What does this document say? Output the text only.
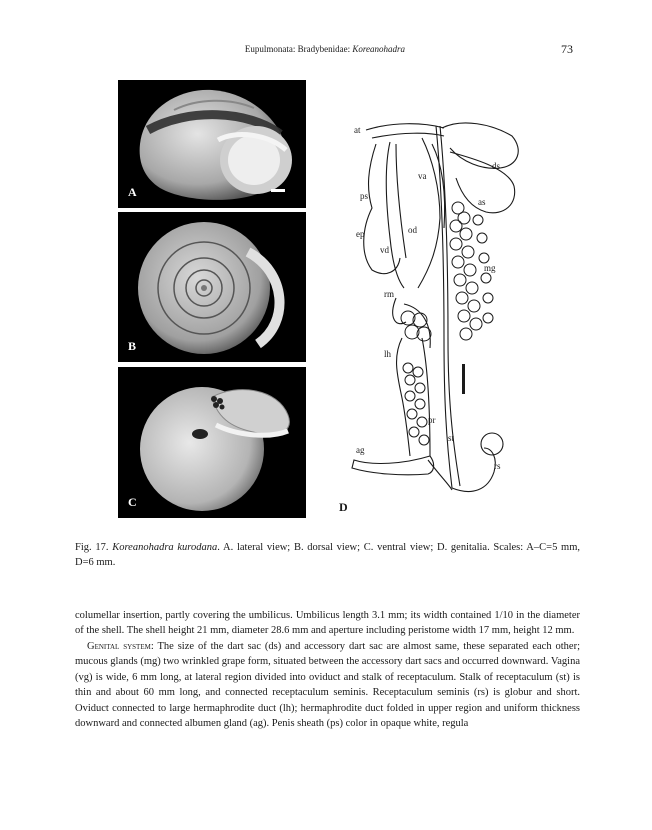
Eupulmonata: Bradybenidae: Koreanohadra	73
A
B
C
at
ds
va
as
ps
ep	od
vd
mg
rm
lh
pr
st
ag
rs
D
Fig. 17. Koreanohadra kurodana. A. lateral view; B. dorsal view; C. ventral view; D. genitalia. Scales: A–C=5 mm, D=6 mm.

columellar insertion, partly covering the umbilicus. Umbilicus length 3.1 mm; its width contained 1/10 in the diameter of the shell. The shell height 21 mm, diameter 28.6 mm and aperture including peristome width 17 mm, height 12 mm.

Genital system: The size of the dart sac (ds) and accessory dart sac are almost same, these separated each other; mucous glands (mg) two wrinkled grape form, situated between the accessory dart sacs and occurred downward. Vagina (vg) is wide, 6 mm long, at lateral region divided into oviduct and stalk of receptaculum. Stalk of receptaculum (st) is thin and about 60 mm long, and connected receptaculum seminis. Receptaculum seminis (rs) is globur and short. Oviduct connected to large hermaphrodite duct (lh); hermaphrodite duct folded in upper region and uniform thickness downward and connected albumen gland (ag). Penis sheath (ps) color in opaque white, regula
